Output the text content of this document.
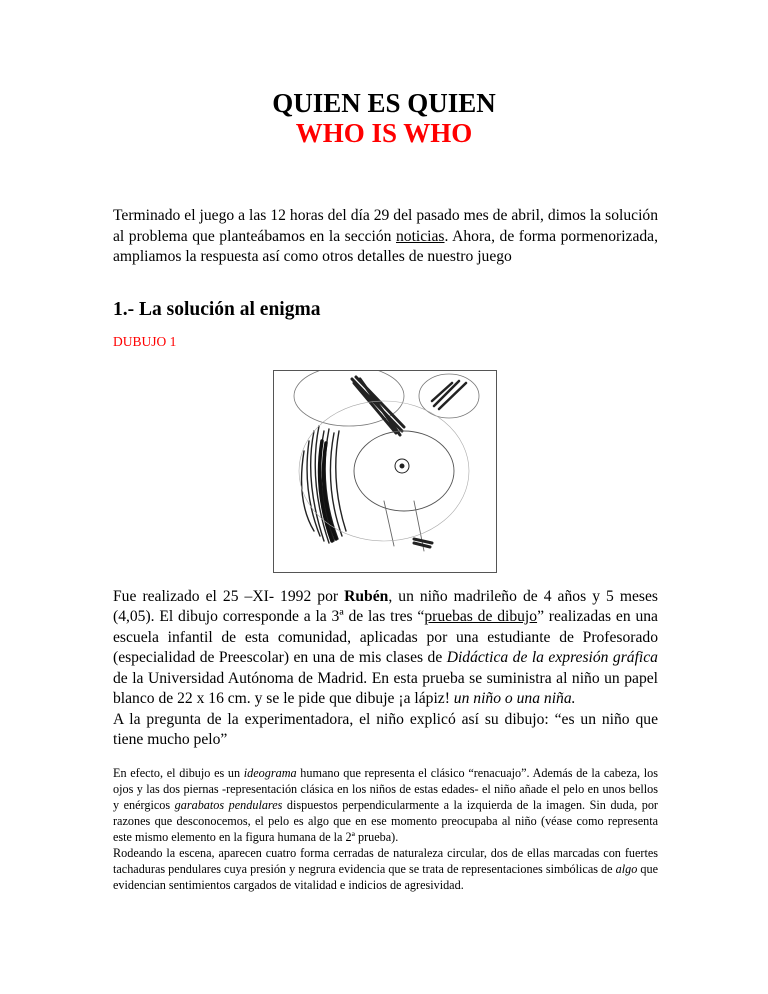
QUIEN ES QUIEN
WHO IS WHO
Terminado el juego a las 12 horas del día 29 del pasado mes de abril, dimos la solución al problema que planteábamos en la sección noticias. Ahora, de forma pormenorizada, ampliamos la respuesta así como otros detalles de nuestro juego
1.- La solución al enigma
DUBUJO 1
Fue realizado el 25 –XI- 1992 por Rubén, un niño madrileño de 4 años y 5 meses (4,05). El dibujo corresponde a la 3ª de las tres “pruebas de dibujo” realizadas en una escuela infantil de esta comunidad, aplicadas por una estudiante de Profesorado (especialidad de Preescolar) en una de mis clases de Didáctica de la expresión gráfica de la Universidad Autónoma de Madrid. En esta prueba se suministra al niño un papel blanco de 22 x 16 cm. y se le pide que dibuje ¡a lápiz! un niño o una niña.
A la pregunta de la experimentadora, el niño explicó así su dibujo: “es un niño que tiene mucho pelo”
En efecto, el dibujo es un ideograma humano que representa el clásico “renacuajo”. Además de la cabeza, los ojos y las dos piernas -representación clásica en los niños de estas edades- el niño añade el pelo en unos bellos y enérgicos garabatos pendulares dispuestos perpendicularmente a la izquierda de la imagen. Sin duda, por razones que desconocemos, el pelo es algo que en ese momento preocupaba al niño (véase como representa este mismo elemento en la figura humana de la 2ª prueba).
Rodeando la escena, aparecen cuatro forma cerradas de naturaleza circular, dos de ellas marcadas con fuertes tachaduras pendulares cuya presión y negrura evidencia que se trata de representaciones simbólicas de algo que evidencian sentimientos cargados de vitalidad e indicios de agresividad.
